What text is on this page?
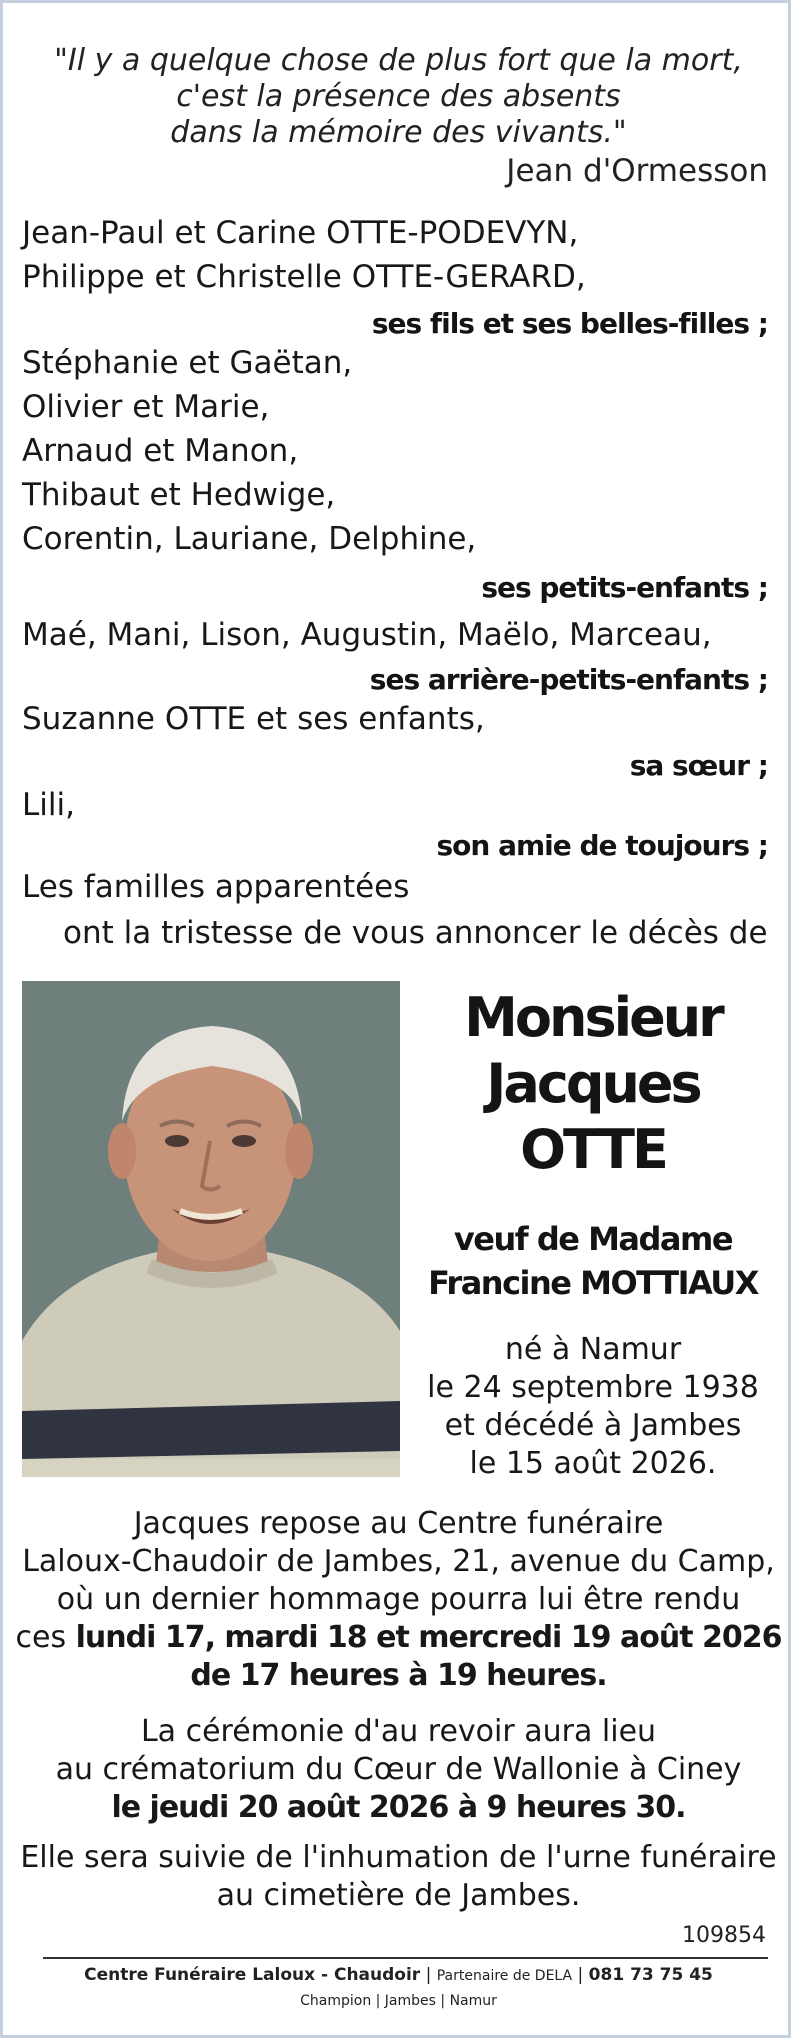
"Il y a quelque chose de plus fort que la mort,
c'est la présence des absents
dans la mémoire des vivants."
Jean d'Ormesson
Jean-Paul et Carine OTTE-PODEVYN,
Philippe et Christelle OTTE-GERARD,
ses fils et ses belles-filles ;
Stéphanie et Gaëtan,
Olivier et Marie,
Arnaud et Manon,
Thibaut et Hedwige,
Corentin, Lauriane, Delphine,
ses petits-enfants ;
Maé, Mani, Lison, Augustin, Maëlo, Marceau,
ses arrière-petits-enfants ;
Suzanne OTTE et ses enfants,
sa sœur ;
Lili,
son amie de toujours ;
Les familles apparentées
ont la tristesse de vous annoncer le décès de
Monsieur
Jacques
OTTE
veuf de Madame
Francine MOTTIAUX
né à Namur
le 24 septembre 1938
et décédé à Jambes
le 15 août 2026.
Jacques repose au Centre funéraire
Laloux-Chaudoir de Jambes, 21, avenue du Camp,
où un dernier hommage pourra lui être rendu
ces lundi 17, mardi 18 et mercredi 19 août 2026
de 17 heures à 19 heures.
La cérémonie d'au revoir aura lieu
au crématorium du Cœur de Wallonie à Ciney
le jeudi 20 août 2026 à 9 heures 30.
Elle sera suivie de l'inhumation de l'urne funéraire
au cimetière de Jambes.
109854
Centre Funéraire Laloux - Chaudoir | Partenaire de DELA | 081 73 75 45
Champion | Jambes | Namur
